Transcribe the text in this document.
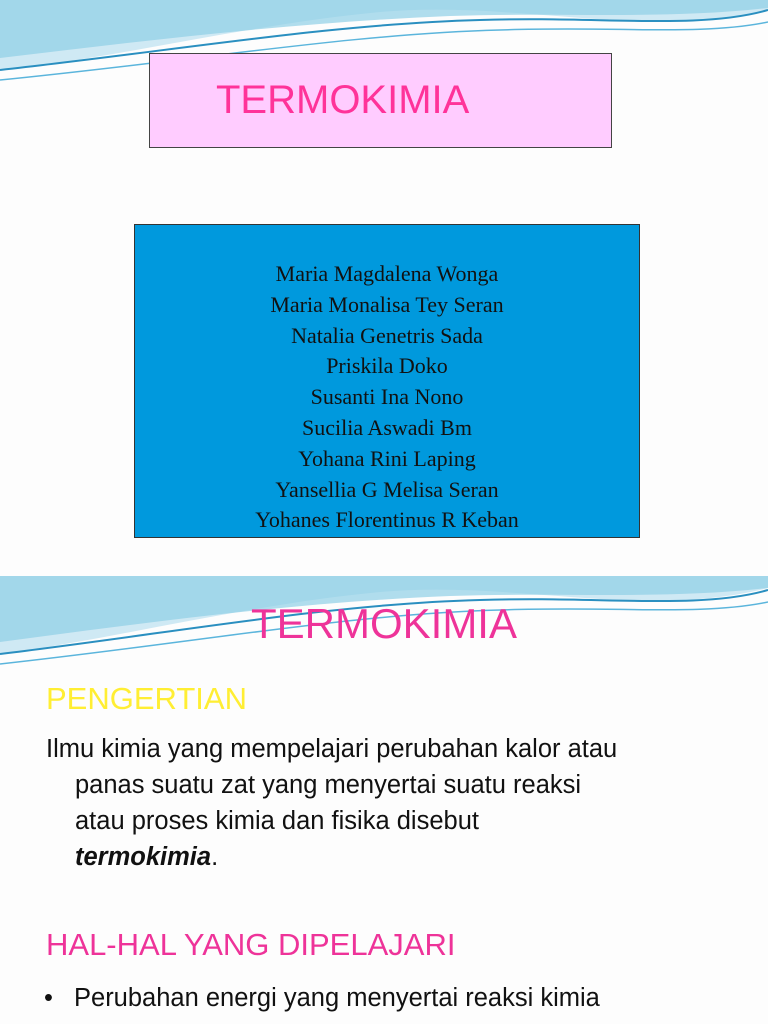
TERMOKIMIA
Maria Magdalena Wonga
Maria Monalisa Tey Seran
Natalia Genetris Sada
Priskila Doko
Susanti Ina Nono
Sucilia Aswadi Bm
Yohana Rini Laping
Yansellia G Melisa Seran
Yohanes Florentinus R Keban
TERMOKIMIA
PENGERTIAN
Ilmu kimia yang mempelajari perubahan kalor atau
panas suatu zat yang menyertai suatu reaksi
atau proses kimia dan fisika disebut
termokimia.
HAL-HAL YANG DIPELAJARI
• Perubahan energi yang menyertai reaksi kimia
